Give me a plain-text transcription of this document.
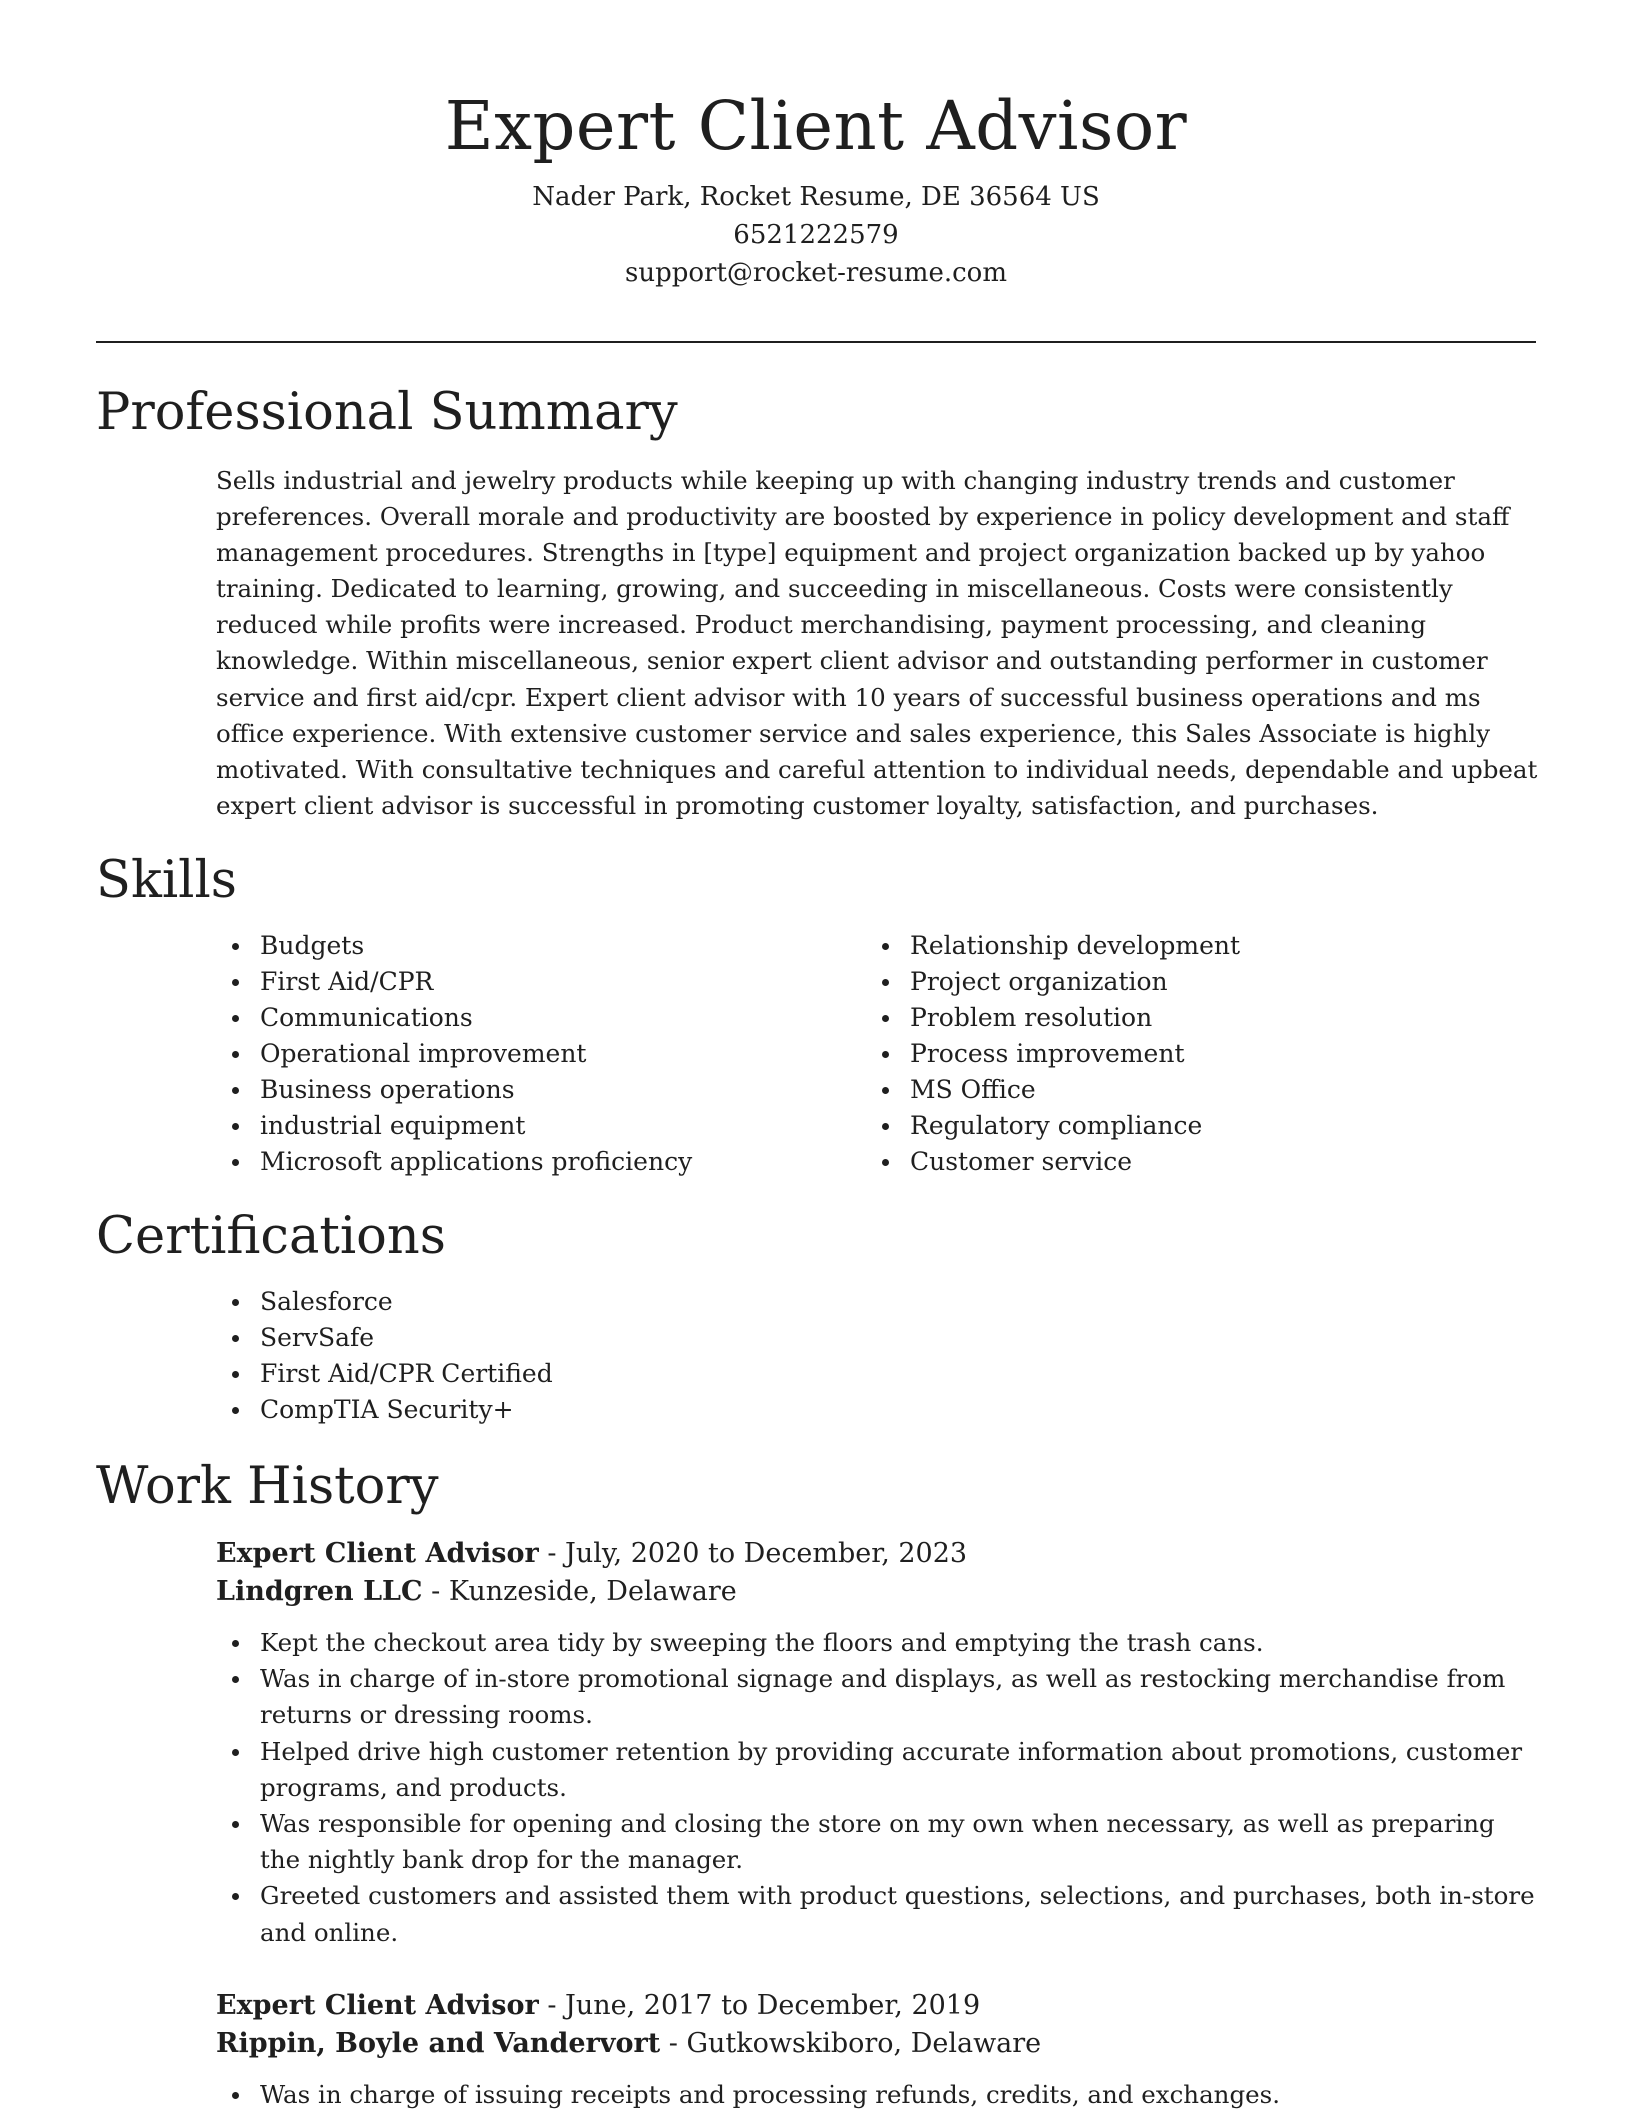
Expert Client Advisor
Nader Park, Rocket Resume, DE 36564 US
6521222579
support@rocket-resume.com
Professional Summary

Sells industrial and jewelry products while keeping up with changing industry trends and customer preferences. Overall morale and productivity are boosted by experience in policy development and staff management procedures. Strengths in [type] equipment and project organization backed up by yahoo training. Dedicated to learning, growing, and succeeding in miscellaneous. Costs were consistently reduced while profits were increased. Product merchandising, payment processing, and cleaning knowledge. Within miscellaneous, senior expert client advisor and outstanding performer in customer service and first aid/cpr. Expert client advisor with 10 years of successful business operations and ms office experience. With extensive customer service and sales experience, this Sales Associate is highly motivated. With consultative techniques and careful attention to individual needs, dependable and upbeat expert client advisor is successful in promoting customer loyalty, satisfaction, and purchases.

Skills
Budgets
First Aid/CPR
Communications
Operational improvement
Business operations
industrial equipment
Microsoft applications proficiency
Relationship development
Project organization
Problem resolution
Process improvement
MS Office
Regulatory compliance
Customer service
Certifications
Salesforce
ServSafe
First Aid/CPR Certified
CompTIA Security+
Work History
Expert Client Advisor - July, 2020 to December, 2023
Lindgren LLC - Kunzeside, Delaware
Kept the checkout area tidy by sweeping the floors and emptying the trash cans.
Was in charge of in-store promotional signage and displays, as well as restocking merchandise from returns or dressing rooms.
Helped drive high customer retention by providing accurate information about promotions, customer programs, and products.
Was responsible for opening and closing the store on my own when necessary, as well as preparing the nightly bank drop for the manager.
Greeted customers and assisted them with product questions, selections, and purchases, both in-store and online.
Expert Client Advisor - June, 2017 to December, 2019
Rippin, Boyle and Vandervort - Gutkowskiboro, Delaware
Was in charge of issuing receipts and processing refunds, credits, and exchanges.
